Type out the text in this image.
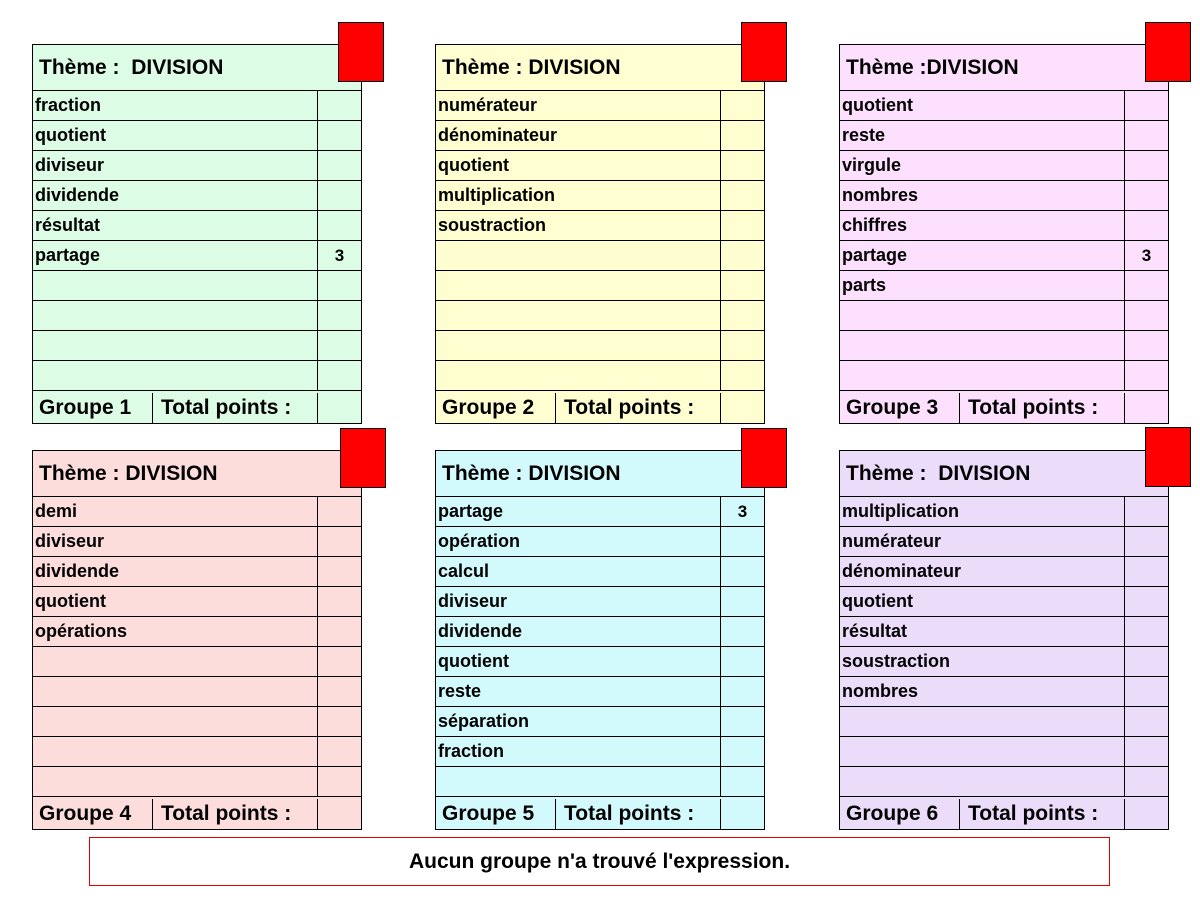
Thème : DIVISION
fraction
quotient
diviseur
dividende
résultat
partage	3
Groupe 1	Total points :
Thème : DIVISION
numérateur
dénominateur
quotient
multiplication
soustraction
Groupe 2	Total points :
Thème :DIVISION
quotient
reste
virgule
nombres
chiffres
partage	3
parts
Groupe 3	Total points :
Thème : DIVISION
demi
diviseur
dividende
quotient
opérations
Groupe 4	Total points :
Thème : DIVISION
partage	3
opération
calcul
diviseur
dividende
quotient
reste
séparation
fraction
Groupe 5	Total points :
Thème : DIVISION
multiplication
numérateur
dénominateur
quotient
résultat
soustraction
nombres
Groupe 6	Total points :
Aucun groupe n'a trouvé l'expression.
